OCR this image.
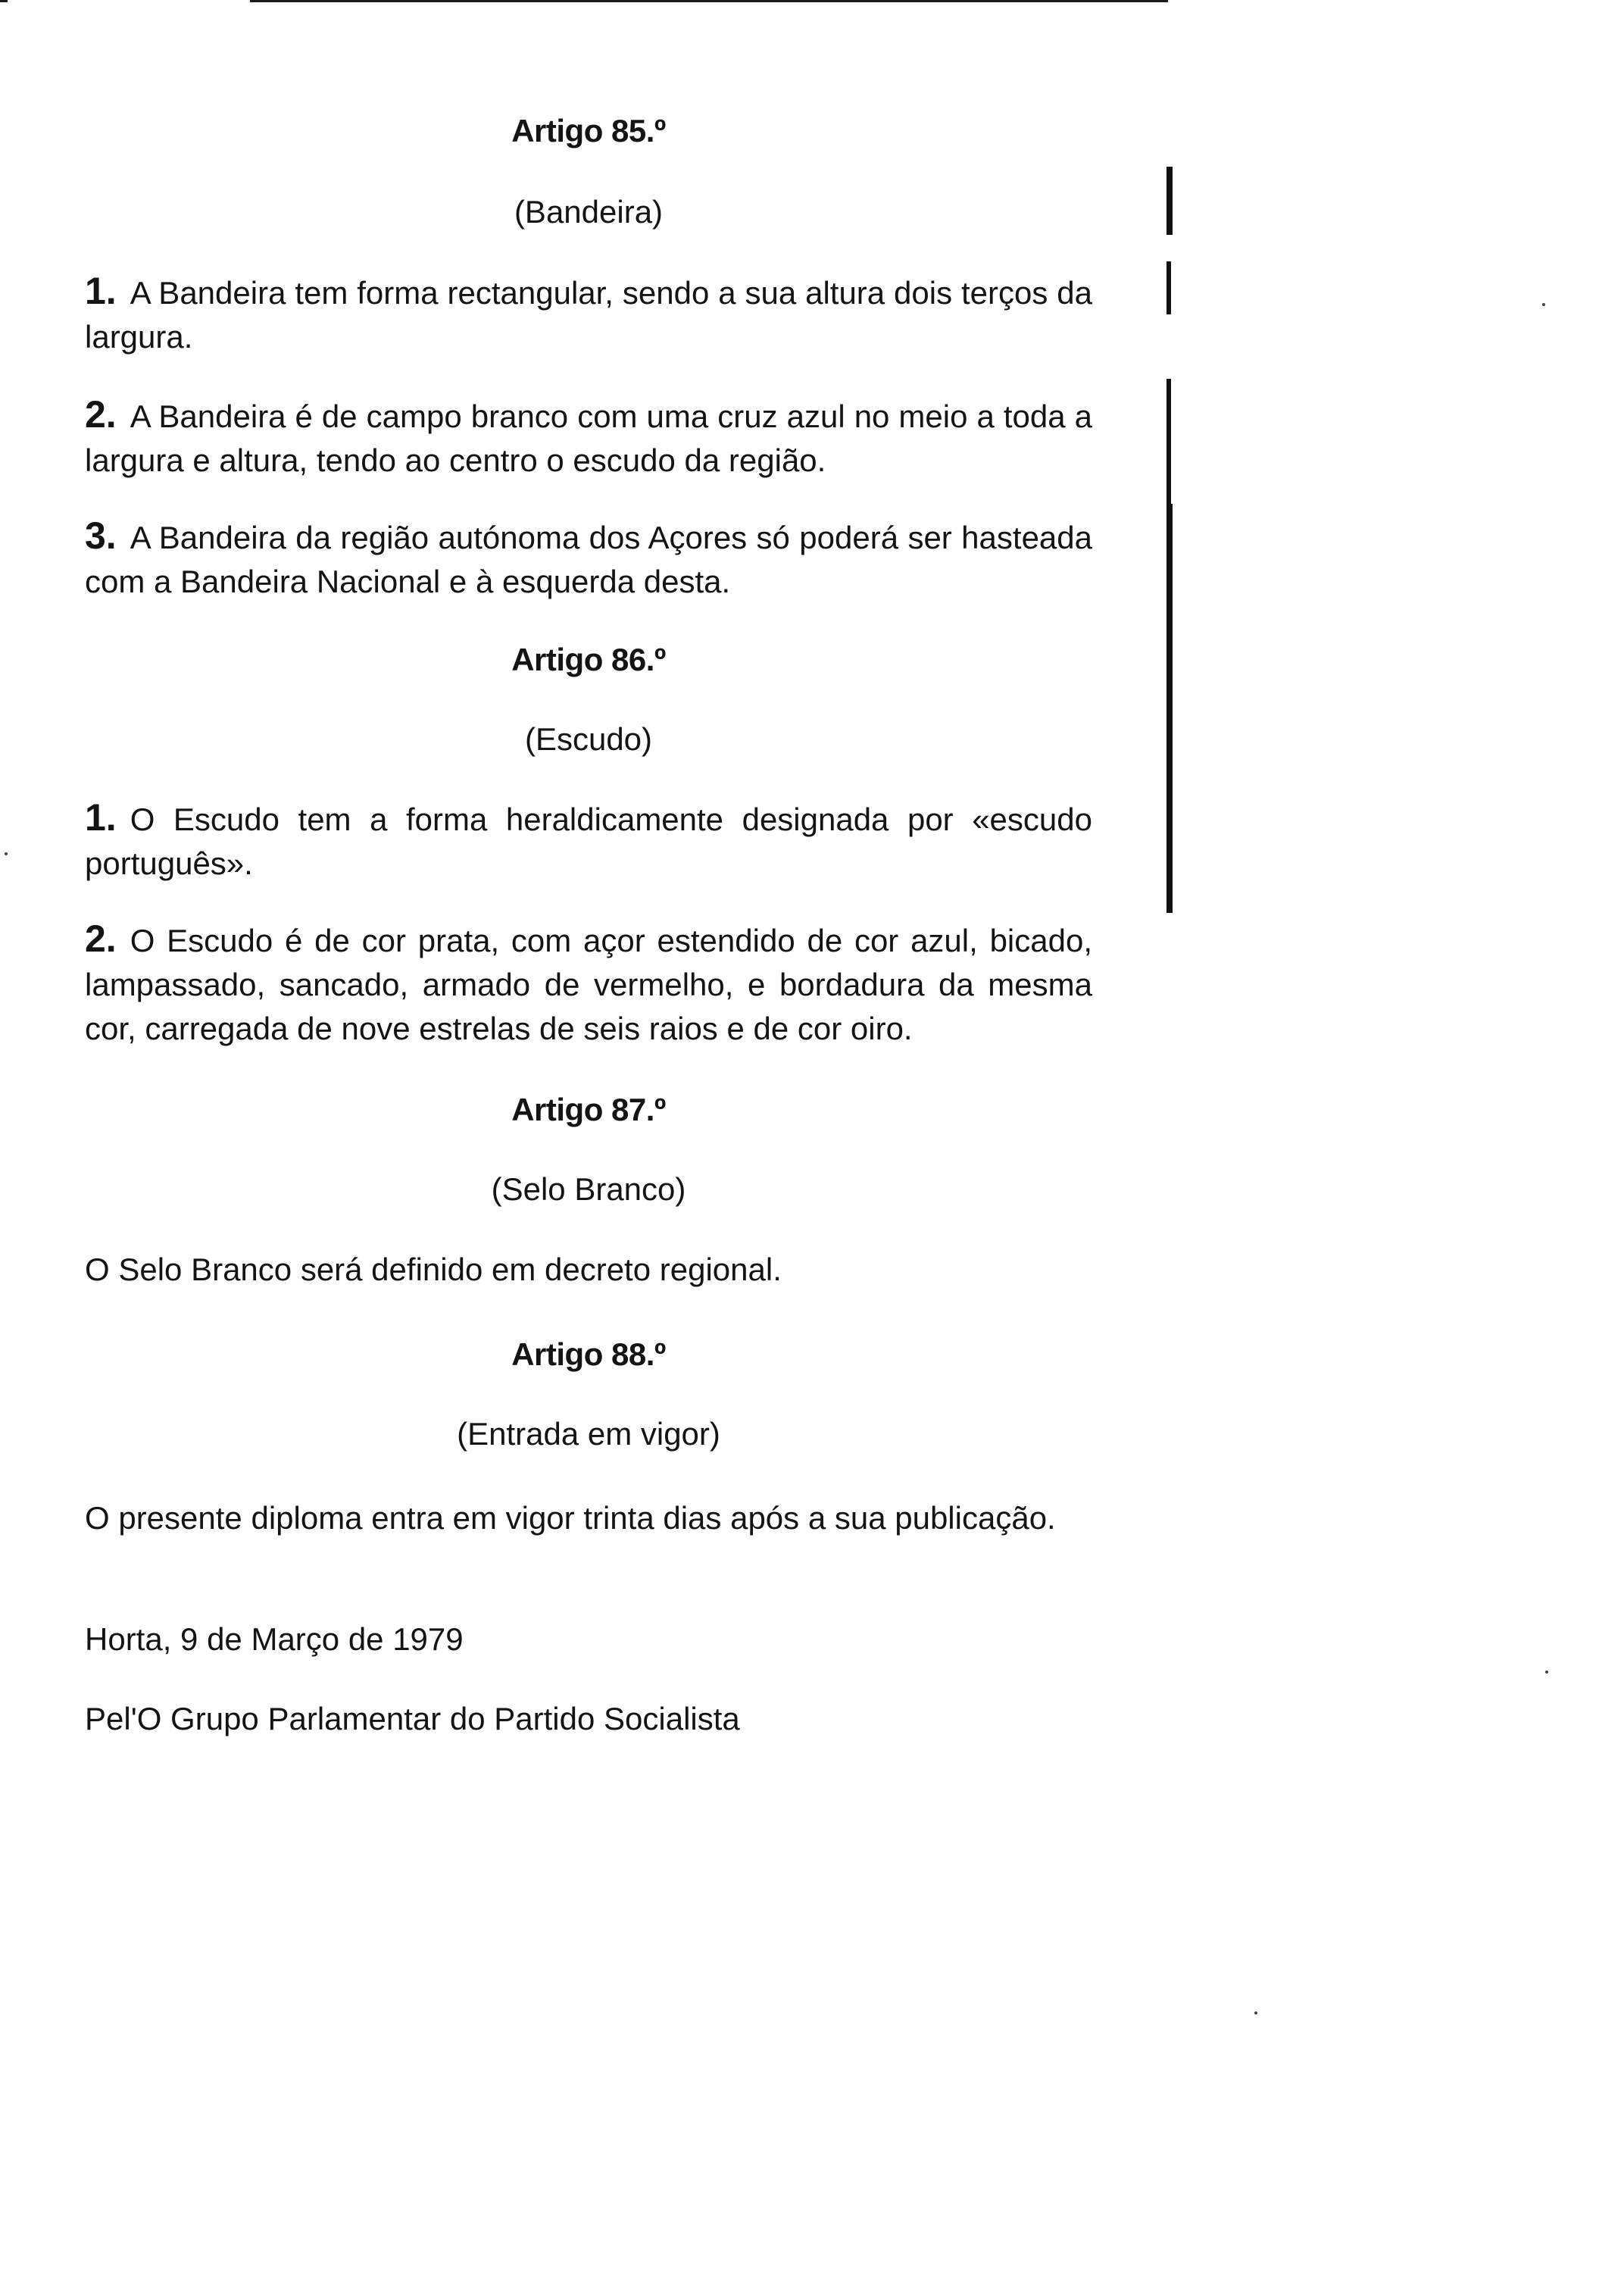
Artigo 85.º
(Bandeira)
1. A Bandeira tem forma rectangular, sendo a sua altura dois terços da largura.
2. A Bandeira é de campo branco com uma cruz azul no meio a toda a largura e altura, tendo ao centro o escudo da região.
3. A Bandeira da região autónoma dos Açores só poderá ser hasteada com a Bandeira Nacional e à esquerda desta.
Artigo 86.º
(Escudo)
1. O Escudo tem a forma heraldicamente designada por «escudo português».
2. O Escudo é de cor prata, com açor estendido de cor azul, bicado, lampassado, sancado, armado de vermelho, e bordadura da mesma cor, carregada de nove estrelas de seis raios e de cor oiro.
Artigo 87.º
(Selo Branco)
O Selo Branco será definido em decreto regional.
Artigo 88.º
(Entrada em vigor)
O presente diploma entra em vigor trinta dias após a sua publicação.
Horta, 9 de Março de 1979
Pel'O Grupo Parlamentar do Partido Socialista
